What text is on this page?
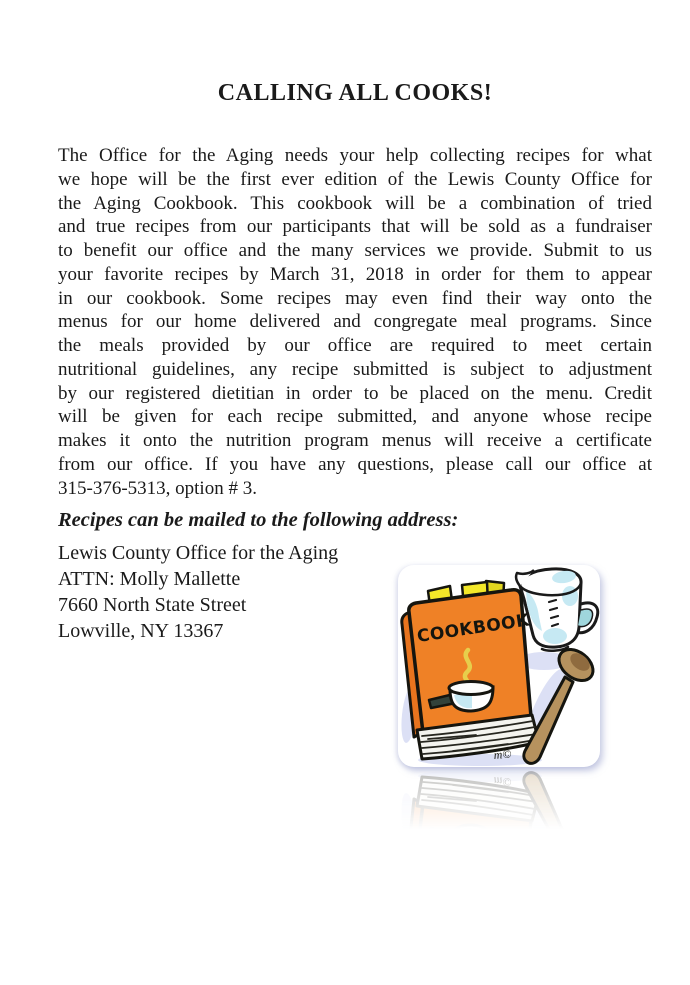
CALLING ALL COOKS!
The Office for the Aging needs your help collecting recipes for what
we hope will be the first ever edition of the Lewis County Office for
the Aging Cookbook. This cookbook will be a combination of tried
and true recipes from our participants that will be sold as a fundraiser
to benefit our office and the many services we provide. Submit to us
your favorite recipes by March 31, 2018 in order for them to appear
in our cookbook. Some recipes may even find their way onto the
menus for our home delivered and congregate meal programs. Since
the meals provided by our office are required to meet certain
nutritional guidelines, any recipe submitted is subject to adjustment
by our registered dietitian in order to be placed on the menu. Credit
will be given for each recipe submitted, and anyone whose recipe
makes it onto the nutrition program menus will receive a certificate
from our office. If you have any questions, please call our office at
315-376-5313, option # 3.
Recipes can be mailed to the following address:
Lewis County Office for the Aging
ATTN: Molly Mallette
7660 North State Street
Lowville, NY 13367
